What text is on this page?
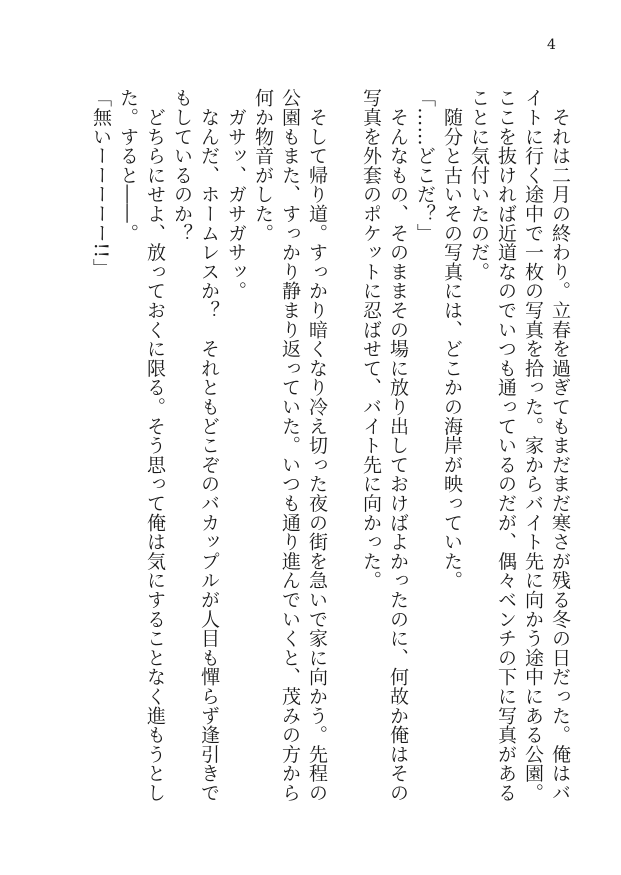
4

　それは二月の終わり。立春を過ぎてもまだまだ寒さが残る冬の日だった。俺はバイトに行く途中で一枚の写真を拾った。家からバイト先に向かう途中にある公園。ここを抜ければ近道なのでいつも通っているのだが、偶々ベンチの下に写真があることに気付いたのだ。

　随分と古いその写真には、どこかの海岸が映っていた。

「……どこだ？」

　そんなもの、そのままその場に放り出しておけばよかったのに、何故か俺はその写真を外套のポケットに忍ばせて、バイト先に向かった。

　そして帰り道。すっかり暗くなり冷え切った夜の街を急いで家に向かう。先程の公園もまた、すっかり静まり返っていた。いつも通り進んでいくと、茂みの方から何か物音がした。

　ガサッ、ガサガサッ。

　なんだ、ホームレスか？　それともどこぞのバカップルが人目も憚らず逢引きでもしているのか？

　どちらにせよ、放っておくに限る。そう思って俺は気にすることなく進もうとした。すると――。

「無いーーーーー!!」
